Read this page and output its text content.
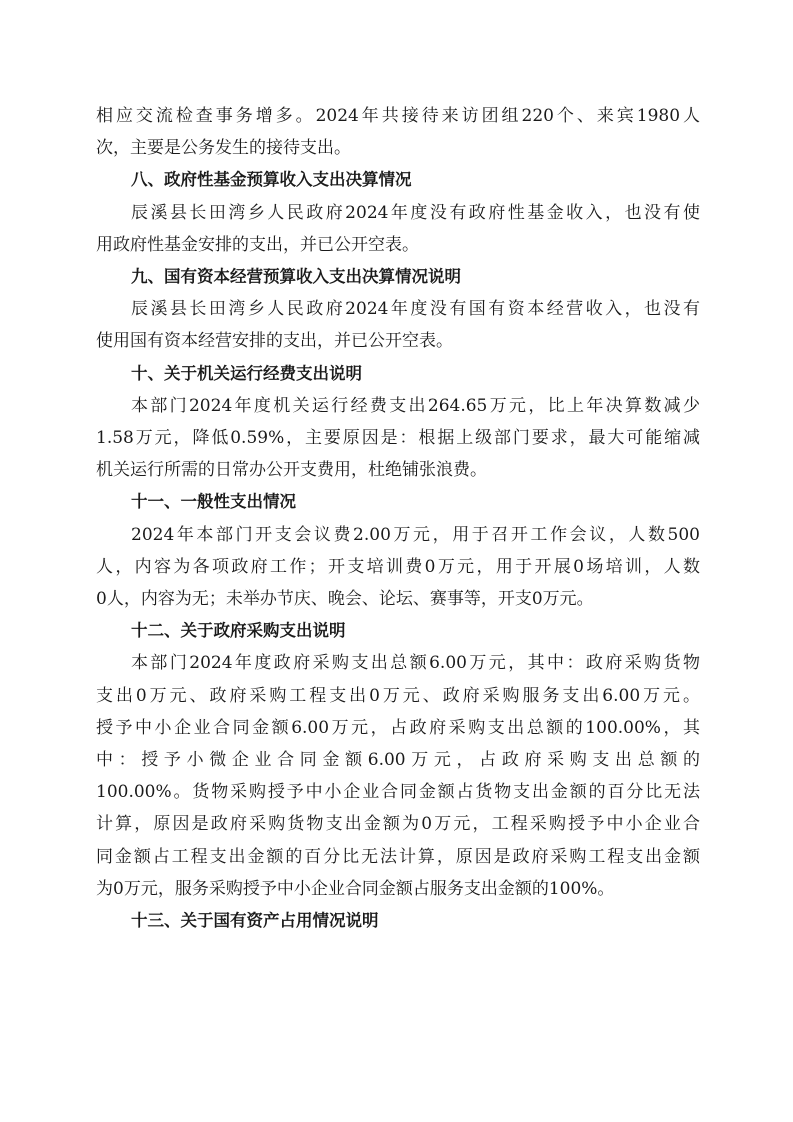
相应交流检查事务增多。2024年共接待来访团组220个、来宾1980人
次，主要是公务发生的接待支出。
八、政府性基金预算收入支出决算情况
辰溪县长田湾乡人民政府2024年度没有政府性基金收入，也没有使
用政府性基金安排的支出，并已公开空表。
九、国有资本经营预算收入支出决算情况说明
辰溪县长田湾乡人民政府2024年度没有国有资本经营收入，也没有
使用国有资本经营安排的支出，并已公开空表。
十、关于机关运行经费支出说明
本部门2024年度机关运行经费支出264.65万元，比上年决算数减少
1.58万元，降低0.59%，主要原因是：根据上级部门要求，最大可能缩减
机关运行所需的日常办公开支费用，杜绝铺张浪费。
十一、一般性支出情况
2024年本部门开支会议费2.00万元，用于召开工作会议，人数500
人，内容为各项政府工作；开支培训费0万元，用于开展0场培训，人数
0人，内容为无；未举办节庆、晚会、论坛、赛事等，开支0万元。
十二、关于政府采购支出说明
本部门2024年度政府采购支出总额6.00万元，其中：政府采购货物
支出0万元、政府采购工程支出0万元、政府采购服务支出6.00万元。
授予中小企业合同金额6.00万元，占政府采购支出总额的100.00%，其
中：授予小微企业合同金额6.00万元，占政府采购支出总额的
100.00%。货物采购授予中小企业合同金额占货物支出金额的百分比无法
计算，原因是政府采购货物支出金额为0万元，工程采购授予中小企业合
同金额占工程支出金额的百分比无法计算，原因是政府采购工程支出金额
为0万元，服务采购授予中小企业合同金额占服务支出金额的100%。
十三、关于国有资产占用情况说明
